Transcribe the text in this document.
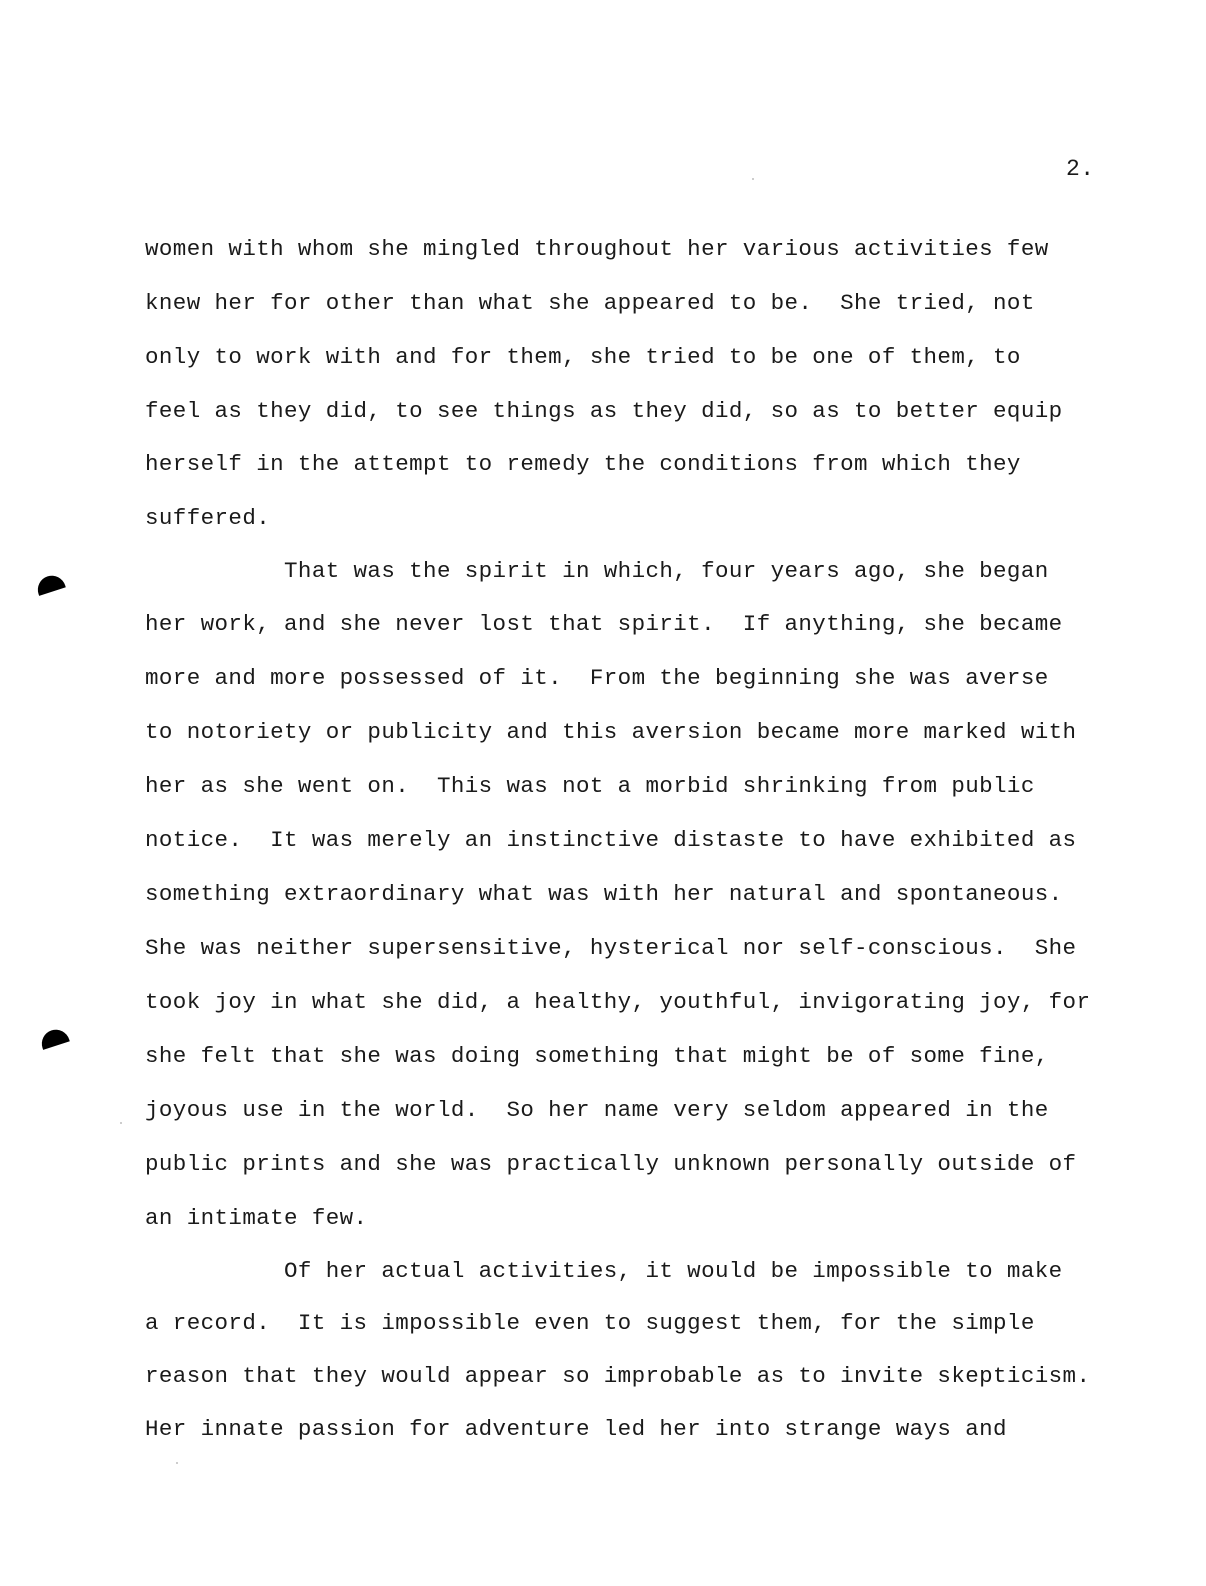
2.
women with whom she mingled throughout her various activities few
knew her for other than what she appeared to be.  She tried, not
only to work with and for them, she tried to be one of them, to
feel as they did, to see things as they did, so as to better equip
herself in the attempt to remedy the conditions from which they
suffered.
That was the spirit in which, four years ago, she began
her work, and she never lost that spirit.  If anything, she became
more and more possessed of it.  From the beginning she was averse
to notoriety or publicity and this aversion became more marked with
her as she went on.  This was not a morbid shrinking from public
notice.  It was merely an instinctive distaste to have exhibited as
something extraordinary what was with her natural and spontaneous.
She was neither supersensitive, hysterical nor self-conscious.  She
took joy in what she did, a healthy, youthful, invigorating joy, for
she felt that she was doing something that might be of some fine,
joyous use in the world.  So her name very seldom appeared in the
public prints and she was practically unknown personally outside of
an intimate few.
Of her actual activities, it would be impossible to make
a record.  It is impossible even to suggest them, for the simple
reason that they would appear so improbable as to invite skepticism.
Her innate passion for adventure led her into strange ways and
